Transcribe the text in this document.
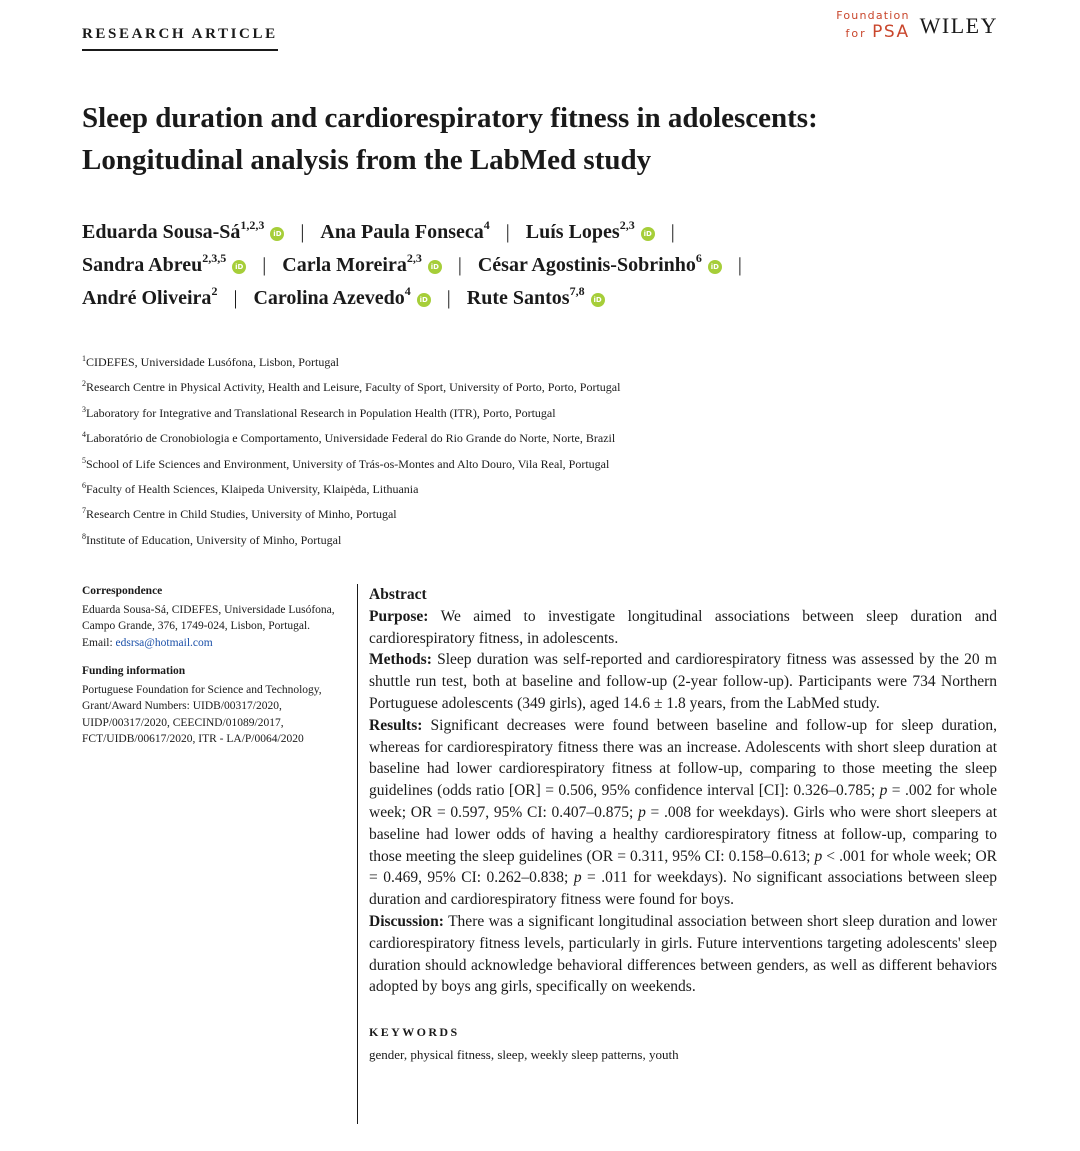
RESEARCH ARTICLE
Foundation
for PSA WILEY
Sleep duration and cardiorespiratory fitness in adolescents:
Longitudinal analysis from the LabMed study
Eduarda Sousa-Sá$^{1,2,3}$iD | Ana Paula Fonseca$^4$ | Luís Lopes$^{2,3}$iD |
Sandra Abreu$^{2,3,5}$iD | Carla Moreira$^{2,3}$iD | César Agostinis-Sobrinho$^6$iD |
André Oliveira$^2$ | Carolina Azevedo$^4$iD | Rute Santos$^{7,8}$iD
$^1$CIDEFES, Universidade Lusófona, Lisbon, Portugal
$^2$Research Centre in Physical Activity, Health and Leisure, Faculty of Sport, University of Porto, Porto, Portugal
$^3$Laboratory for Integrative and Translational Research in Population Health (ITR), Porto, Portugal
$^4$Laboratório de Cronobiologia e Comportamento, Universidade Federal do Rio Grande do Norte, Norte, Brazil
$^5$School of Life Sciences and Environment, University of Trás-os-Montes and Alto Douro, Vila Real, Portugal
$^6$Faculty of Health Sciences, Klaipeda University, Klaipėda, Lithuania
$^7$Research Centre in Child Studies, University of Minho, Portugal
$^8$Institute of Education, University of Minho, Portugal
Correspondence
Eduarda Sousa-Sá, CIDEFES, Universidade Lusófona, Campo Grande, 376, 1749-024, Lisbon, Portugal.
Email: edsrsa@hotmail.com
Funding information
Portuguese Foundation for Science and Technology, Grant/Award Numbers: UIDB/00317/2020, UIDP/00317/2020, CEECIND/01089/2017, FCT/UIDB/00617/2020, ITR - LA/P/0064/2020
Abstract

Purpose: We aimed to investigate longitudinal associations between sleep duration and cardiorespiratory fitness, in adolescents.

Methods: Sleep duration was self-reported and cardiorespiratory fitness was assessed by the 20 m shuttle run test, both at baseline and follow-up (2-year follow-up). Participants were 734 Northern Portuguese adolescents (349 girls), aged 14.6 ± 1.8 years, from the LabMed study.

Results: Significant decreases were found between baseline and follow-up for sleep duration, whereas for cardiorespiratory fitness there was an increase. Adolescents with short sleep duration at baseline had lower cardiorespiratory fitness at follow-up, comparing to those meeting the sleep guidelines (odds ratio [OR] = 0.506, 95% confidence interval [CI]: 0.326–0.785; p = .002 for whole week; OR = 0.597, 95% CI: 0.407–0.875; p = .008 for weekdays). Girls who were short sleepers at baseline had lower odds of having a healthy cardiorespiratory fitness at follow-up, comparing to those meeting the sleep guidelines (OR = 0.311, 95% CI: 0.158–0.613; p < .001 for whole week; OR = 0.469, 95% CI: 0.262–0.838; p = .011 for weekdays). No significant associations between sleep duration and cardiorespiratory fitness were found for boys.

Discussion: There was a significant longitudinal association between short sleep duration and lower cardiorespiratory fitness levels, particularly in girls. Future interventions targeting adolescents' sleep duration should acknowledge behavioral differences between genders, as well as different behaviors adopted by boys ang girls, specifically on weekends.

KEYWORDS
gender, physical fitness, sleep, weekly sleep patterns, youth
